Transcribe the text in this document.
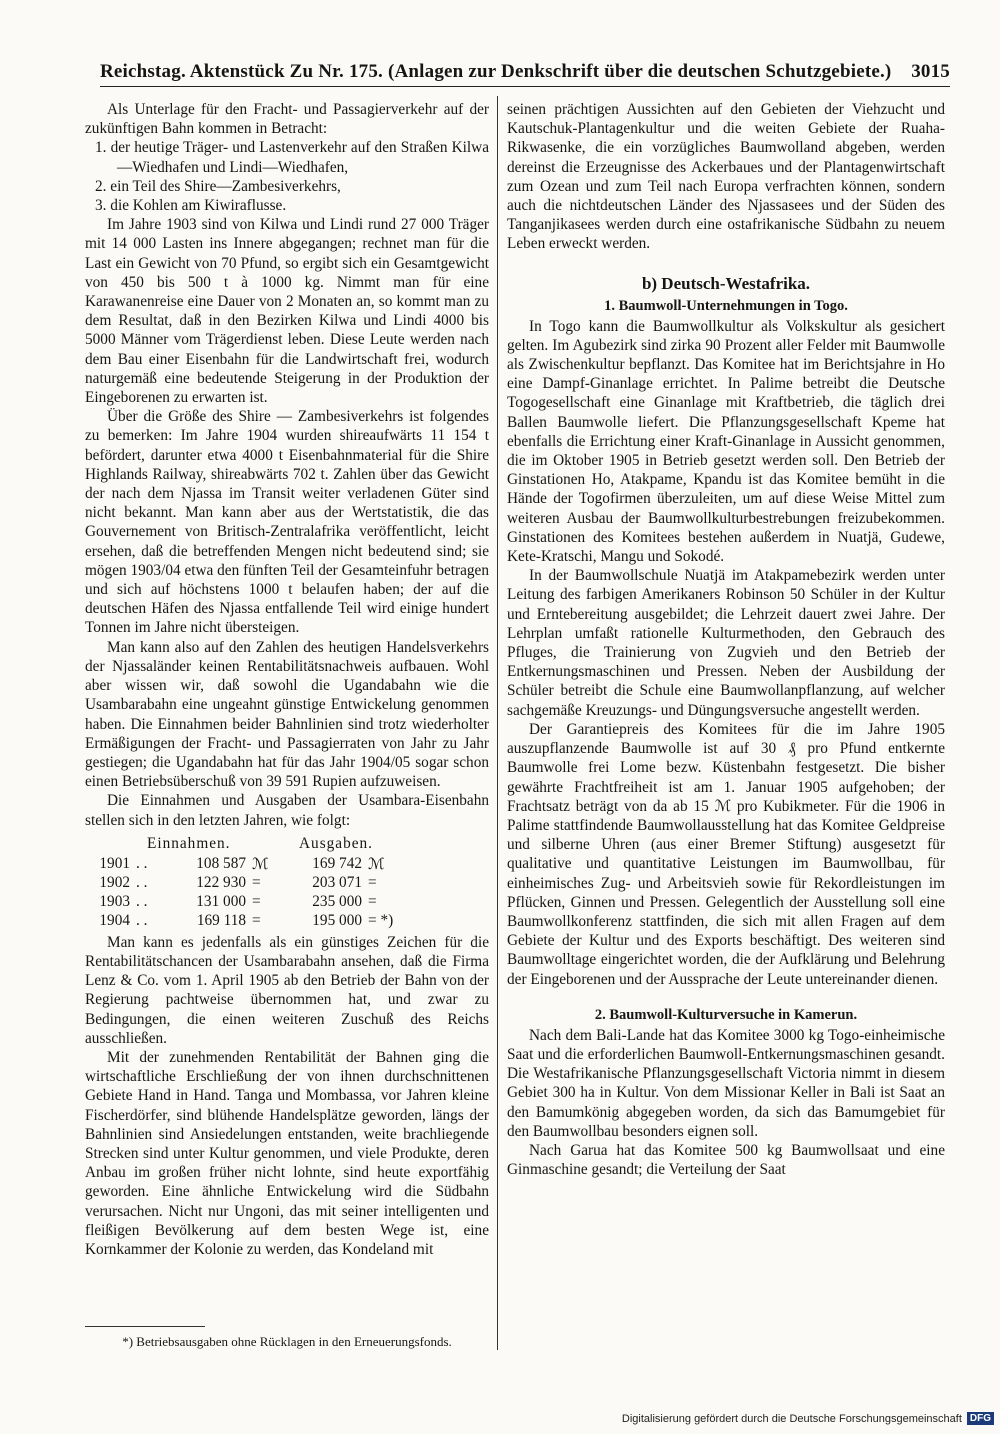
Reichstag. Aktenstück Zu Nr. 175. (Anlagen zur Denkschrift über die deutschen Schutzgebiete.) 3015

Als Unterlage für den Fracht- und Passagierverkehr auf der zukünftigen Bahn kommen in Betracht:

1. der heutige Träger- und Lastenverkehr auf den Straßen Kilwa—Wiedhafen und Lindi—Wiedhafen,
2. ein Teil des Shire—Zambesiverkehrs,
3. die Kohlen am Kiwiraflusse.

Im Jahre 1903 sind von Kilwa und Lindi rund 27 000 Träger mit 14 000 Lasten ins Innere abgegangen; rechnet man für die Last ein Gewicht von 70 Pfund, so ergibt sich ein Gesamtgewicht von 450 bis 500 t à 1000 kg. Nimmt man für eine Karawanenreise eine Dauer von 2 Monaten an, so kommt man zu dem Resultat, daß in den Bezirken Kilwa und Lindi 4000 bis 5000 Männer vom Trägerdienst leben. Diese Leute werden nach dem Bau einer Eisenbahn für die Landwirtschaft frei, wodurch naturgemäß eine bedeutende Steigerung in der Produktion der Eingeborenen zu erwarten ist.

Über die Größe des Shire — Zambesiverkehrs ist folgendes zu bemerken: Im Jahre 1904 wurden shireaufwärts 11 154 t befördert, darunter etwa 4000 t Eisenbahnmaterial für die Shire Highlands Railway, shireabwärts 702 t. Zahlen über das Gewicht der nach dem Njassa im Transit weiter verladenen Güter sind nicht bekannt. Man kann aber aus der Wertstatistik, die das Gouvernement von Britisch-Zentralafrika veröffentlicht, leicht ersehen, daß die betreffenden Mengen nicht bedeutend sind; sie mögen 1903/04 etwa den fünften Teil der Gesamteinfuhr betragen und sich auf höchstens 1000 t belaufen haben; der auf die deutschen Häfen des Njassa entfallende Teil wird einige hundert Tonnen im Jahre nicht übersteigen.

Man kann also auf den Zahlen des heutigen Handelsverkehrs der Njassaländer keinen Rentabilitätsnachweis aufbauen. Wohl aber wissen wir, daß sowohl die Ugandabahn wie die Usambarabahn eine ungeahnt günstige Entwickelung genommen haben. Die Einnahmen beider Bahnlinien sind trotz wiederholter Ermäßigungen der Fracht- und Passagierraten von Jahr zu Jahr gestiegen; die Ugandabahn hat für das Jahr 1904/05 sogar schon einen Betriebsüberschuß von 39 591 Rupien aufzuweisen.

Die Einnahmen und Ausgaben der Usambara-Eisenbahn stellen sich in den letzten Jahren, wie folgt:

Einnahmen.	Ausgaben.
1901 . .	108 587 ℳ	169 742 ℳ
1902 . .	122 930 =	203 071 =
1903 . .	131 000 =	235 000 =
1904 . .	169 118 =	195 000 = *)

Man kann es jedenfalls als ein günstiges Zeichen für die Rentabilitätschancen der Usambarabahn ansehen, daß die Firma Lenz & Co. vom 1. April 1905 ab den Betrieb der Bahn von der Regierung pachtweise übernommen hat, und zwar zu Bedingungen, die einen weiteren Zuschuß des Reichs ausschließen.

Mit der zunehmenden Rentabilität der Bahnen ging die wirtschaftliche Erschließung der von ihnen durchschnittenen Gebiete Hand in Hand. Tanga und Mombassa, vor Jahren kleine Fischerdörfer, sind blühende Handelsplätze geworden, längs der Bahnlinien sind Ansiedelungen entstanden, weite brachliegende Strecken sind unter Kultur genommen, und viele Produkte, deren Anbau im großen früher nicht lohnte, sind heute exportfähig geworden. Eine ähnliche Entwickelung wird die Südbahn verursachen. Nicht nur Ungoni, das mit seiner intelligenten und fleißigen Bevölkerung auf dem besten Wege ist, eine Kornkammer der Kolonie zu werden, das Kondeland mit

*) Betriebsausgaben ohne Rücklagen in den Erneuerungsfonds.

seinen prächtigen Aussichten auf den Gebieten der Viehzucht und Kautschuk-Plantagenkultur und die weiten Gebiete der Ruaha-Rikwasenke, die ein vorzügliches Baumwolland abgeben, werden dereinst die Erzeugnisse des Ackerbaues und der Plantagenwirtschaft zum Ozean und zum Teil nach Europa verfrachten können, sondern auch die nichtdeutschen Länder des Njassasees und der Süden des Tanganjikasees werden durch eine ostafrikanische Südbahn zu neuem Leben erweckt werden.

b) Deutsch-Westafrika.
1. Baumwoll-Unternehmungen in Togo.

In Togo kann die Baumwollkultur als Volkskultur als gesichert gelten. Im Agubezirk sind zirka 90 Prozent aller Felder mit Baumwolle als Zwischenkultur bepflanzt. Das Komitee hat im Berichtsjahre in Ho eine Dampf-Ginanlage errichtet. In Palime betreibt die Deutsche Togogesellschaft eine Ginanlage mit Kraftbetrieb, die täglich drei Ballen Baumwolle liefert. Die Pflanzungsgesellschaft Kpeme hat ebenfalls die Errichtung einer Kraft-Ginanlage in Aussicht genommen, die im Oktober 1905 in Betrieb gesetzt werden soll. Den Betrieb der Ginstationen Ho, Atakpame, Kpandu ist das Komitee bemüht in die Hände der Togofirmen überzuleiten, um auf diese Weise Mittel zum weiteren Ausbau der Baumwollkulturbestrebungen freizubekommen. Ginstationen des Komitees bestehen außerdem in Nuatjä, Gudewe, Kete-Kratschi, Mangu und Sokodé.

In der Baumwollschule Nuatjä im Atakpamebezirk werden unter Leitung des farbigen Amerikaners Robinson 50 Schüler in der Kultur und Erntebereitung ausgebildet; die Lehrzeit dauert zwei Jahre. Der Lehrplan umfaßt rationelle Kulturmethoden, den Gebrauch des Pfluges, die Trainierung von Zugvieh und den Betrieb der Entkernungsmaschinen und Pressen. Neben der Ausbildung der Schüler betreibt die Schule eine Baumwollanpflanzung, auf welcher sachgemäße Kreuzungs- und Düngungsversuche angestellt werden.

Der Garantiepreis des Komitees für die im Jahre 1905 auszupflanzende Baumwolle ist auf 30 ₰ pro Pfund entkernte Baumwolle frei Lome bezw. Küstenbahn festgesetzt. Die bisher gewährte Frachtfreiheit ist am 1. Januar 1905 aufgehoben; der Frachtsatz beträgt von da ab 15 ℳ pro Kubikmeter. Für die 1906 in Palime stattfindende Baumwollausstellung hat das Komitee Geldpreise und silberne Uhren (aus einer Bremer Stiftung) ausgesetzt für qualitative und quantitative Leistungen im Baumwollbau, für einheimisches Zug- und Arbeitsvieh sowie für Rekordleistungen im Pflücken, Ginnen und Pressen. Gelegentlich der Ausstellung soll eine Baumwollkonferenz stattfinden, die sich mit allen Fragen auf dem Gebiete der Kultur und des Exports beschäftigt. Des weiteren sind Baumwolltage eingerichtet worden, die der Aufklärung und Belehrung der Eingeborenen und der Aussprache der Leute untereinander dienen.

2. Baumwoll-Kulturversuche in Kamerun.

Nach dem Bali-Lande hat das Komitee 3000 kg Togo-einheimische Saat und die erforderlichen Baumwoll-Entkernungsmaschinen gesandt. Die Westafrikanische Pflanzungsgesellschaft Victoria nimmt in diesem Gebiet 300 ha in Kultur. Von dem Missionar Keller in Bali ist Saat an den Bamumkönig abgegeben worden, da sich das Bamumgebiet für den Baumwollbau besonders eignen soll.

Nach Garua hat das Komitee 500 kg Baumwollsaat und eine Ginmaschine gesandt; die Verteilung der Saat

Digitalisierung gefördert durch die Deutsche Forschungsgemeinschaft DFG
